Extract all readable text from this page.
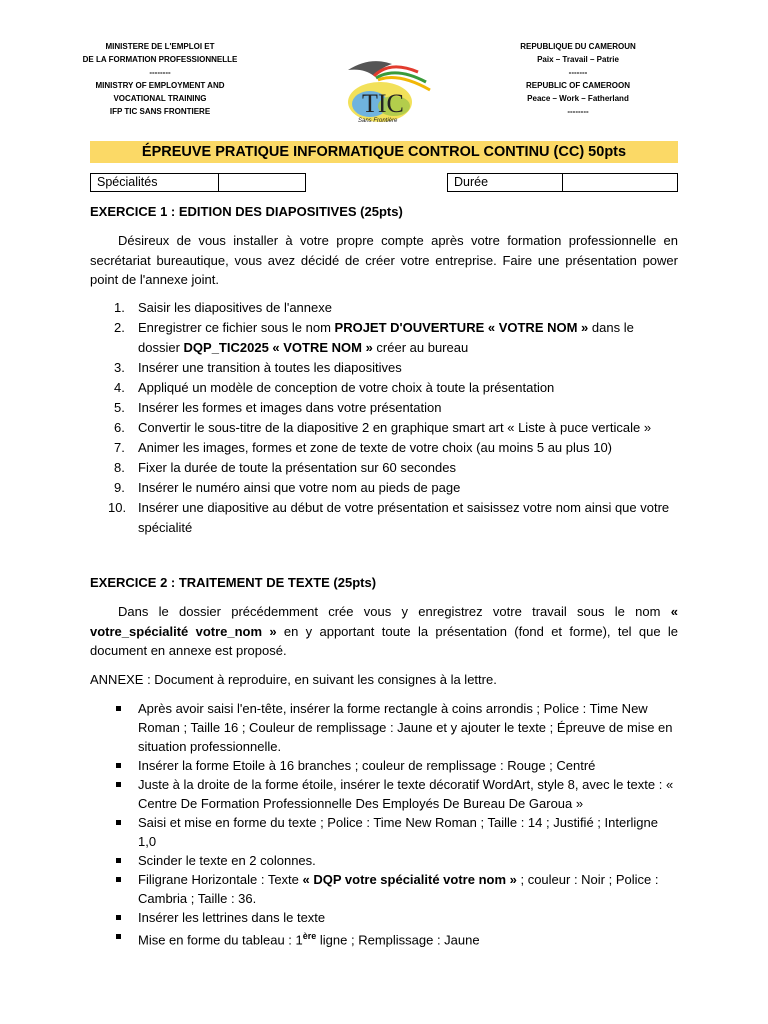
MINISTERE DE L'EMPLOI ET
DE LA FORMATION PROFESSIONNELLE
--------
MINISTRY OF EMPLOYMENT AND
VOCATIONAL TRAINING
IFP TIC SANS FRONTIERE	TIC
Sans Frontière
REPUBLIQUE DU CAMEROUN
Paix – Travail – Patrie
-------
REPUBLIC OF CAMEROON
Peace – Work – Fatherland
--------
ÉPREUVE PRATIQUE INFORMATIQUE CONTROL CONTINU (CC) 50pts
Spécialités	Durée
EXERCICE 1 : EDITION DES DIAPOSITIVES (25pts)
Désireux de vous installer à votre propre compte après votre formation professionnelle en secrétariat bureautique, vous avez décidé de créer votre entreprise. Faire une présentation power point de l'annexe joint.
1.	Saisir les diapositives de l'annexe
2.	Enregistrer ce fichier sous le nom PROJET D'OUVERTURE « VOTRE NOM » dans le dossier DQP_TIC2025 « VOTRE NOM » créer au bureau
3.	Insérer une transition à toutes les diapositives
4.	Appliqué un modèle de conception de votre choix à toute la présentation
5.	Insérer les formes et images dans votre présentation
6.	Convertir le sous-titre de la diapositive 2 en graphique smart art « Liste à puce verticale »
7.	Animer les images, formes et zone de texte de votre choix (au moins 5 au plus 10)
8.	Fixer la durée de toute la présentation sur 60 secondes
9.	Insérer le numéro ainsi que votre nom au pieds de page
10. Insérer une diapositive au début de votre présentation et saisissez votre nom ainsi que votre spécialité
EXERCICE 2 : TRAITEMENT DE TEXTE (25pts)
Dans le dossier précédemment crée vous y enregistrez votre travail sous le nom « votre_spécialité votre_nom » en y apportant toute la présentation (fond et forme), tel que le document en annexe est proposé.
ANNEXE : Document à reproduire, en suivant les consignes à la lettre.
Après avoir saisi l'en-tête, insérer la forme rectangle à coins arrondis ; Police : Time New Roman ; Taille 16 ; Couleur de remplissage : Jaune et y ajouter le texte ; Épreuve de mise en situation professionnelle.
Insérer la forme Etoile à 16 branches ; couleur de remplissage : Rouge ; Centré
Juste à la droite de la forme étoile, insérer le texte décoratif WordArt, style 8, avec le texte : « Centre De Formation Professionnelle Des Employés De Bureau De Garoua »
Saisi et mise en forme du texte ; Police : Time New Roman ; Taille : 14 ; Justifié ; Interligne 1,0
Scinder le texte en 2 colonnes.
Filigrane Horizontale : Texte « DQP votre spécialité votre nom » ; couleur : Noir ; Police : Cambria ; Taille : 36.
Insérer les lettrines dans le texte
Mise en forme du tableau : 1ère ligne ; Remplissage : Jaune
